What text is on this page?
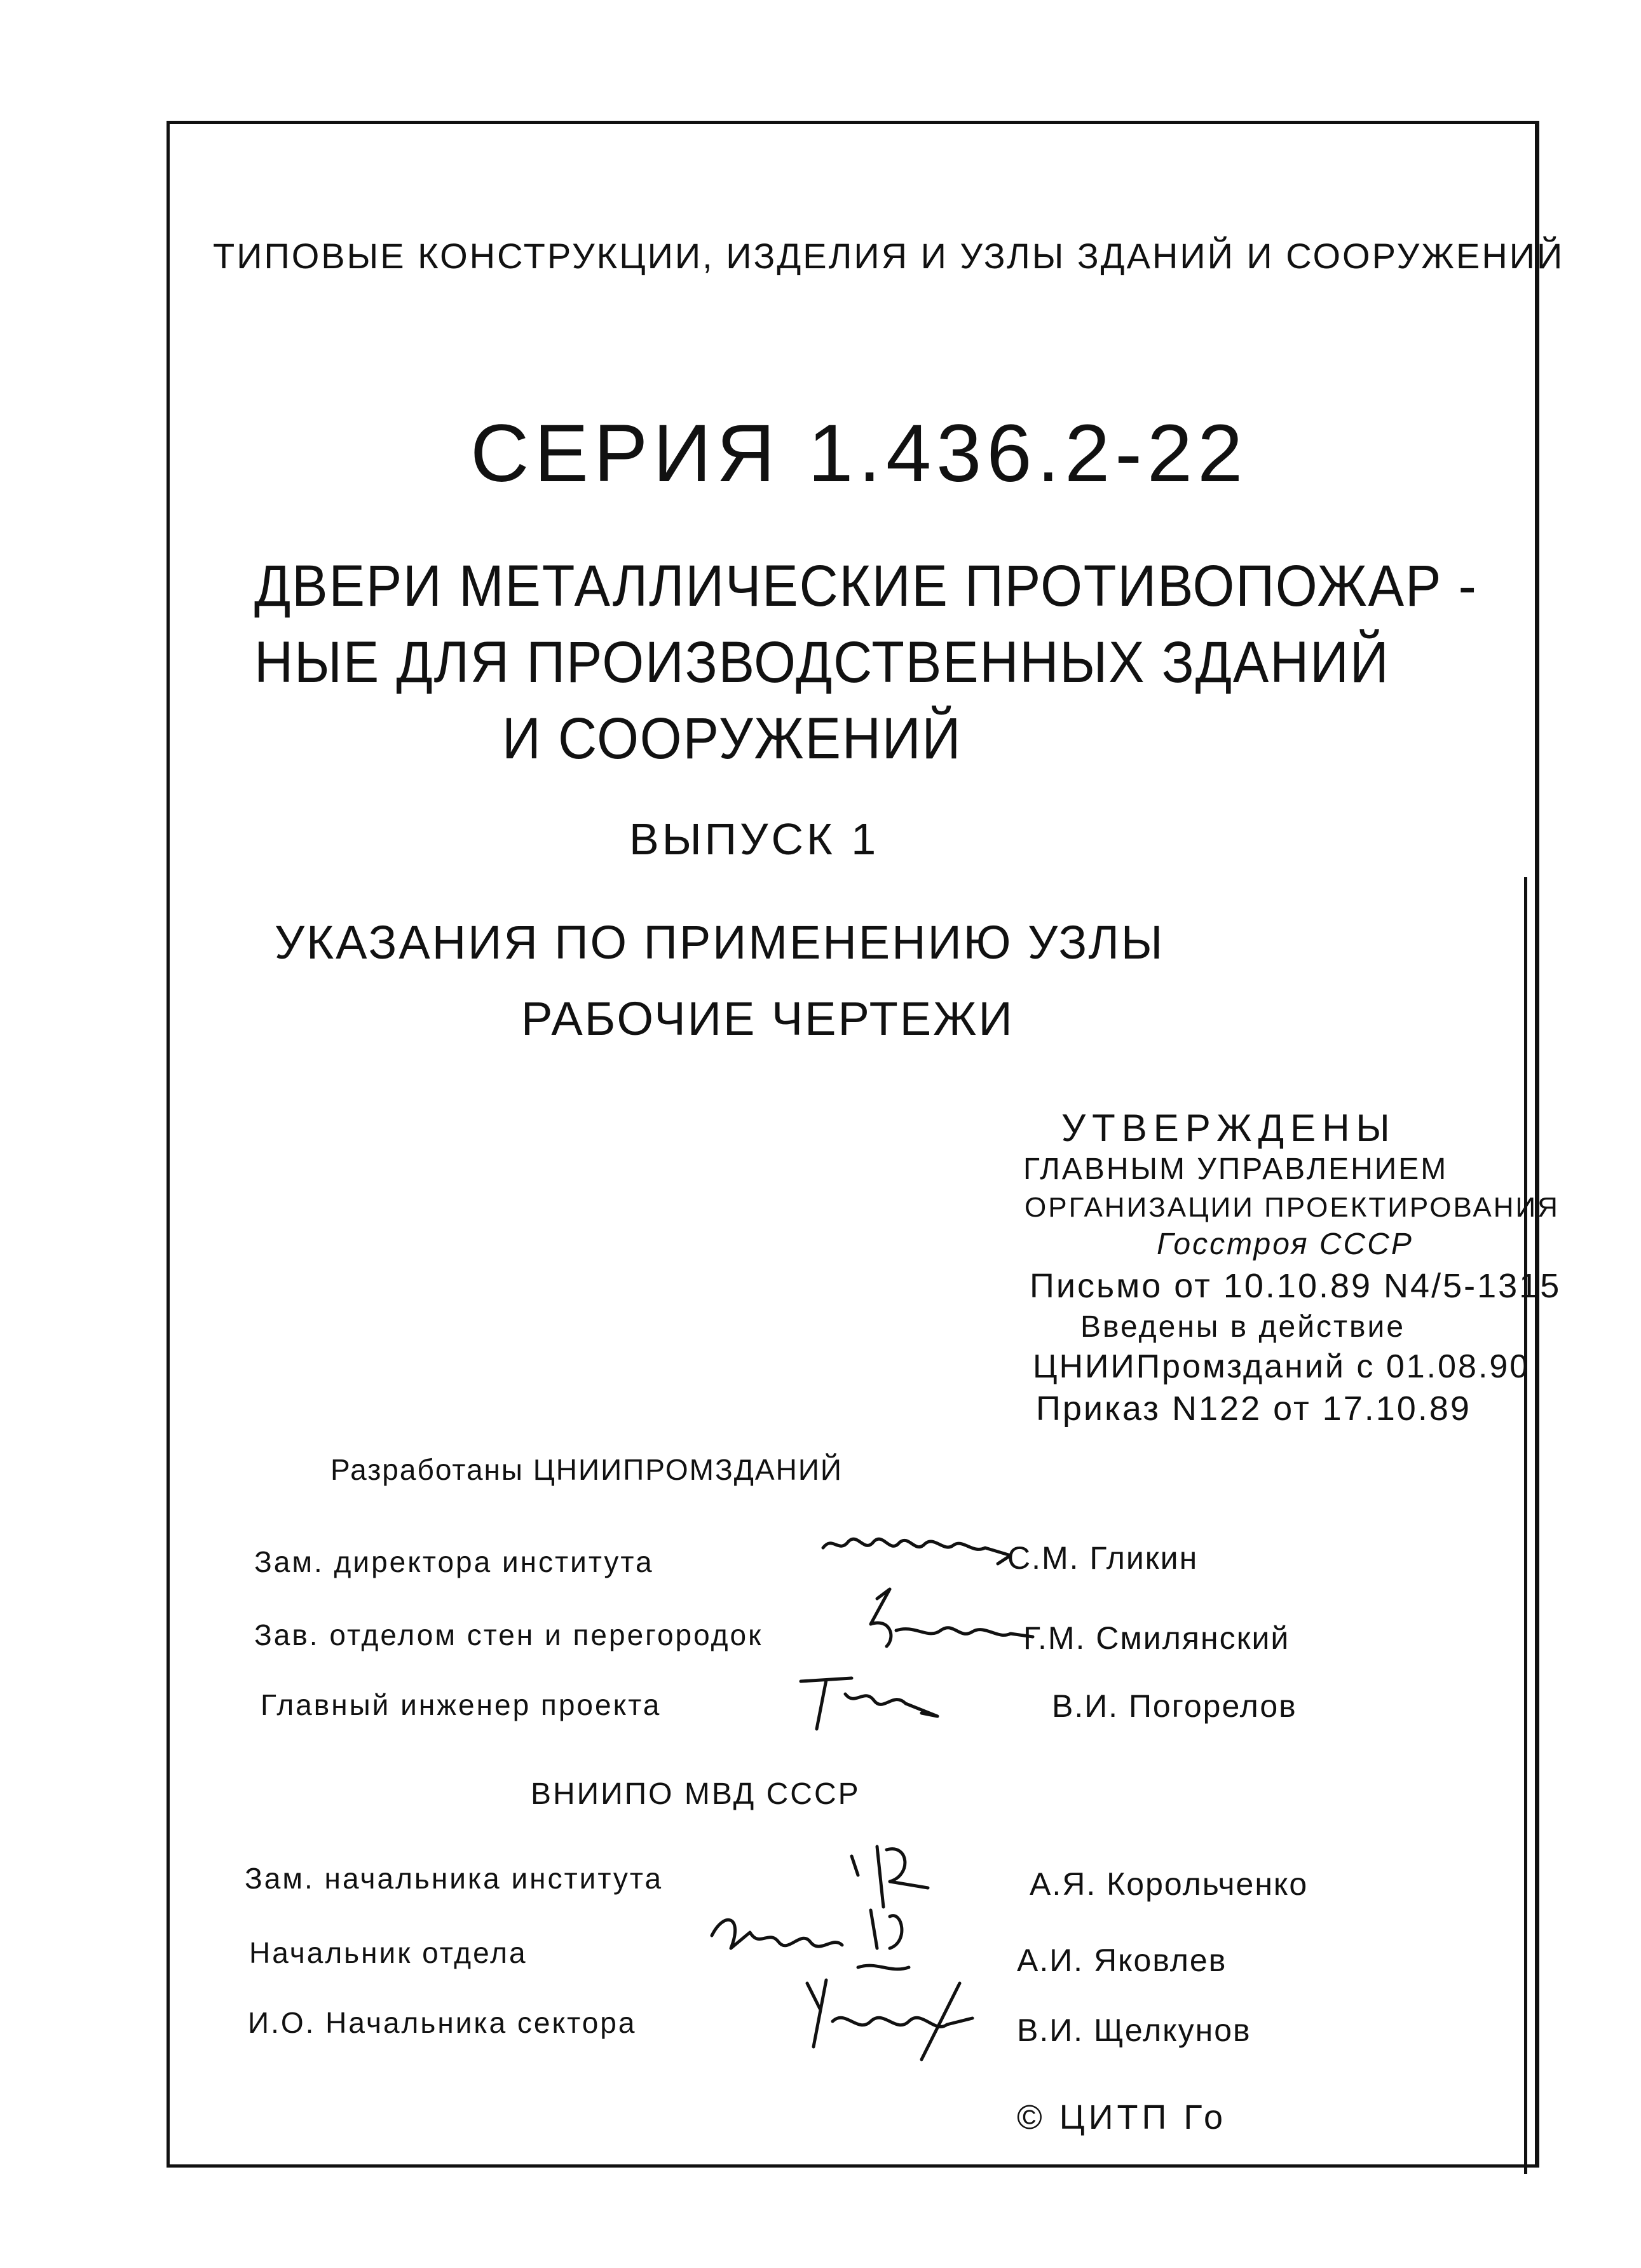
ТИПОВЫЕ КОНСТРУКЦИИ, ИЗДЕЛИЯ И УЗЛЫ ЗДАНИЙ И СООРУЖЕНИЙ
СЕРИЯ 1.436.2-22
ДВЕРИ МЕТАЛЛИЧЕСКИЕ ПРОТИВОПОЖАР -
НЫЕ ДЛЯ ПРОИЗВОДСТВЕННЫХ ЗДАНИЙ
И СООРУЖЕНИЙ
ВЫПУСК 1
УКАЗАНИЯ ПО ПРИМЕНЕНИЮ УЗЛЫ
РАБОЧИЕ ЧЕРТЕЖИ
УТВЕРЖДЕНЫ
ГЛАВНЫМ УПРАВЛЕНИЕМ
ОРГАНИЗАЦИИ ПРОЕКТИРОВАНИЯ
Госстроя СССР
Письмо от 10.10.89 N4/5-1315
Введены в действие
ЦНИИПромзданий с 01.08.90
Приказ N122 от 17.10.89
Разработаны ЦНИИПРОМЗДАНИЙ
Зам. директора института	С.М. Гликин
Зав. отделом стен и перегородок	Г.М. Смилянский
Главный инженер проекта	В.И. Погорелов
ВНИИПО МВД СССР
Зам. начальника института	А.Я. Корольченко
Начальник отдела	А.И. Яковлев
И.О. Начальника сектора	В.И. Щелкунов
© ЦИТП Го
